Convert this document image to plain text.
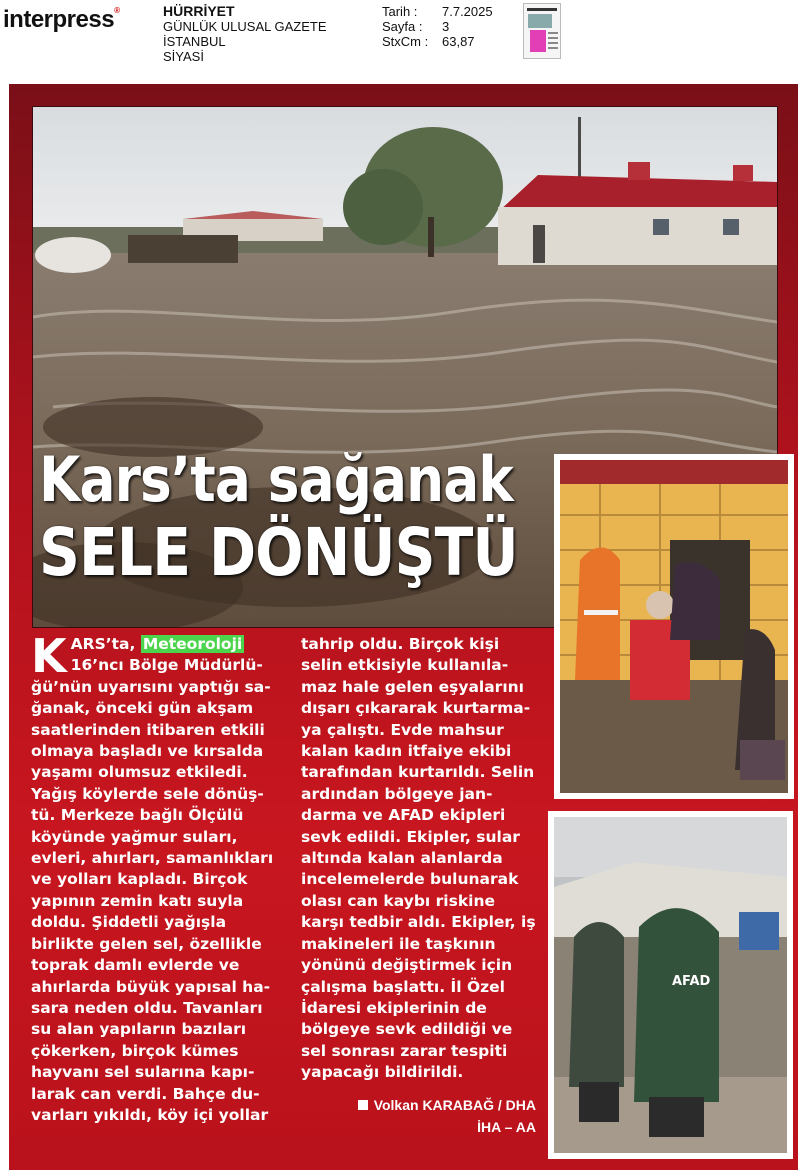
interpress®	HÜRRİYET
GÜNLÜK ULUSAL GAZETE
İSTANBUL
SİYASİ
Tarih :	7.7.2025
Sayfa :	3
StxCm :	63,87
Kars’ta sağanak
SELE DÖNÜŞTÜ
AFAD

K ARS’ta, Meteoroloji 16’ncı Bölge Müdürlüğü’nün uyarısını yaptığı sağanak, önceki gün akşam saatlerinden itibaren etkili olmaya başladı ve kırsalda yaşamı olumsuz etkiledi. Yağış köylerde sele dönüştü. Merkeze bağlı Ölçülü köyünde yağmur suları, evleri, ahırları, samanlıkları ve yolları kapladı. Birçok yapının zemin katı suyla doldu. Şiddetli yağışla birlikte gelen sel, özellikle toprak damlı evlerde ve ahırlarda büyük yapısal hasara neden oldu. Tavanları su alan yapıların bazıları çökerken, birçok kümes hayvanı sel sularına kapılarak can verdi. Bahçe duvarları yıkıldı, köy içi yollar

tahrip oldu. Birçok kişi selin etkisiyle kullanılamaz hale gelen eşyalarını dışarı çıkararak kurtarmaya çalıştı. Evde mahsur kalan kadın itfaiye ekibi tarafından kurtarıldı. Selin ardından bölgeye jandarma ve AFAD ekipleri sevk edildi. Ekipler, sular altında kalan alanlarda incelemelerde bulunarak olası can kaybı riskine karşı tedbir aldı. Ekipler, iş makineleri ile taşkının yönünü değiştirmek için çalışma başlattı. İl Özel İdaresi ekiplerinin de bölgeye sevk edildiği ve sel sonrası zarar tespiti yapacağı bildirildi.

Volkan KARABAĞ / DHA
İHA – AA
